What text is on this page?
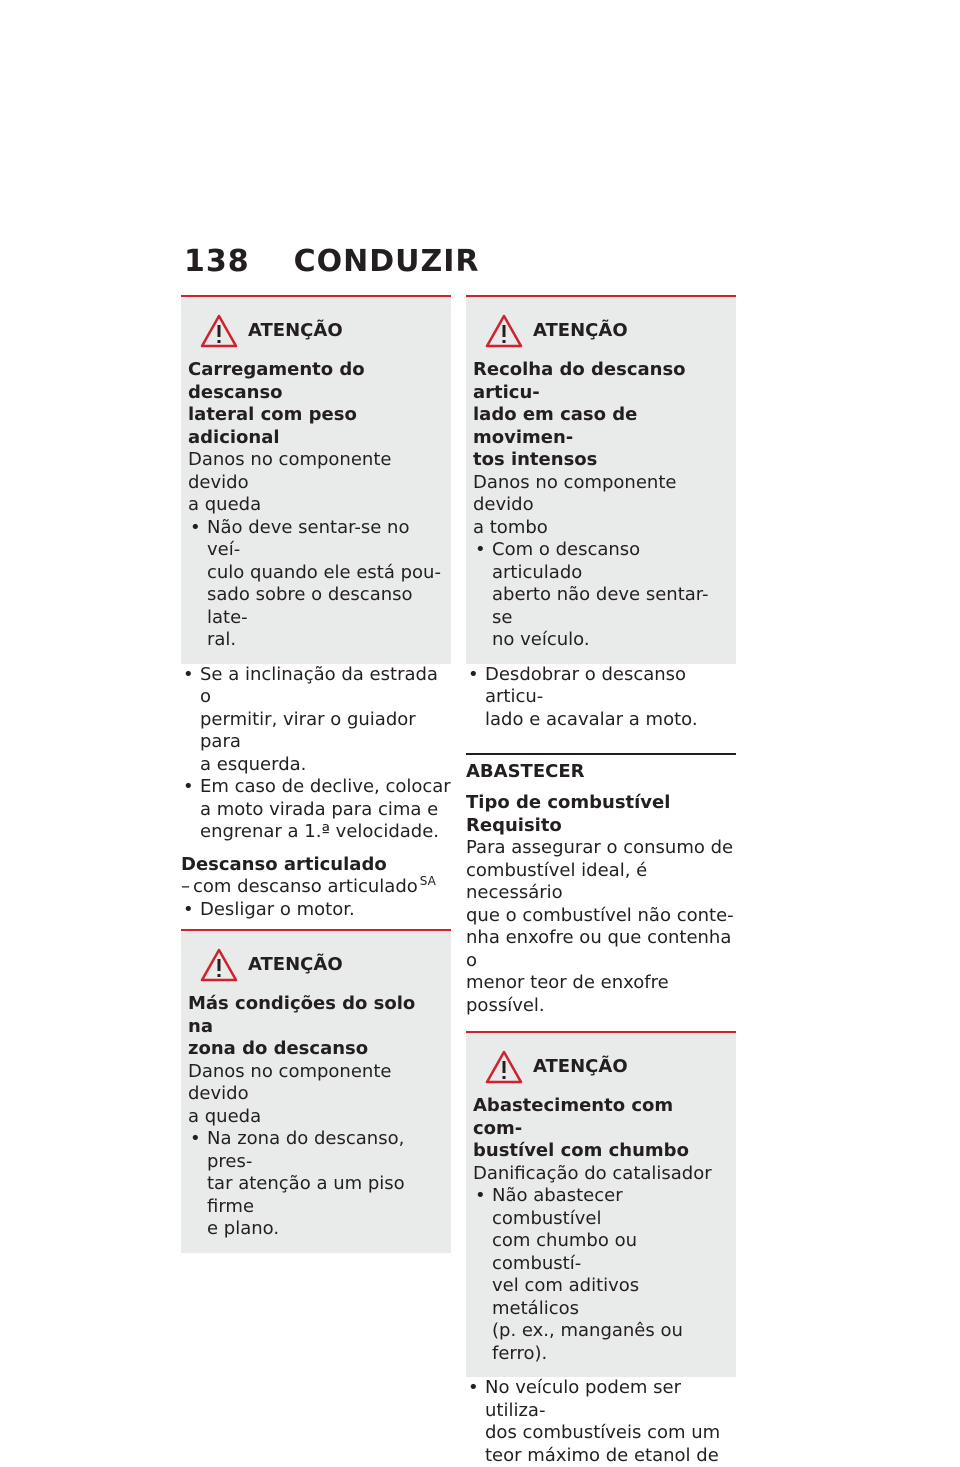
138 CONDUZIR
ATENÇÃO
Carregamento do descanso
lateral com peso adicional
Danos no componente devido
a queda
• Não deve sentar-se no veí-
culo quando ele está pou-
sado sobre o descanso late-
ral.
• Se a inclinação da estrada o
permitir, virar o guiador para
a esquerda.
• Em caso de declive, colocar
a moto virada para cima e
engrenar a 1.ª velocidade.
Descanso articulado
– com descanso articulado $^{SA}$
• Desligar o motor.
ATENÇÃO
Más condições do solo na
zona do descanso
Danos no componente devido
a queda
• Na zona do descanso, pres-
tar atenção a um piso firme
e plano.
ATENÇÃO
Recolha do descanso articu-
lado em caso de movimen-
tos intensos
Danos no componente devido
a tombo
• Com o descanso articulado
aberto não deve sentar-se
no veículo.
• Desdobrar o descanso articu-
lado e acavalar a moto.
ABASTECER
Tipo de combustível
Requisito
Para assegurar o consumo de
combustível ideal, é necessário
que o combustível não conte-
nha enxofre ou que contenha o
menor teor de enxofre possível.
ATENÇÃO
Abastecimento com com-
bustível com chumbo
Danificação do catalisador
• Não abastecer combustível
com chumbo ou combustí-
vel com aditivos metálicos
(p. ex., manganês ou ferro).
• No veículo podem ser utiliza-
dos combustíveis com um
teor máximo de etanol de
